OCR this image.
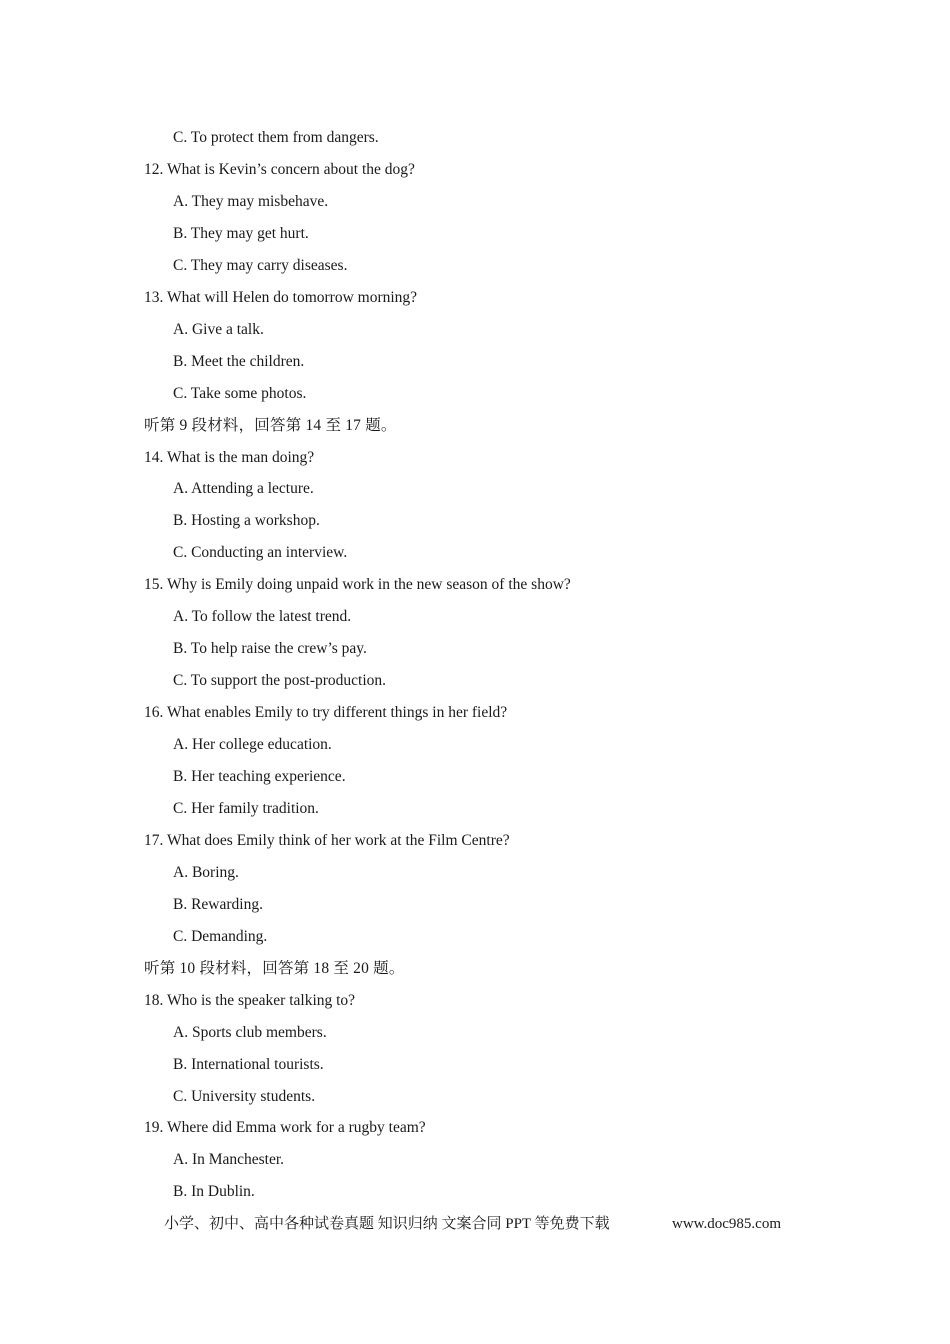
C. To protect them from dangers.
12. What is Kevin’s concern about the dog?
A. They may misbehave.
B. They may get hurt.
C. They may carry diseases.
13. What will Helen do tomorrow morning?
A. Give a talk.
B. Meet the children.
C. Take some photos.
听第 9 段材料，回答第 14 至 17 题。
14. What is the man doing?
A. Attending a lecture.
B. Hosting a workshop.
C. Conducting an interview.
15. Why is Emily doing unpaid work in the new season of the show?
A. To follow the latest trend.
B. To help raise the crew’s pay.
C. To support the post-production.
16. What enables Emily to try different things in her field?
A. Her college education.
B. Her teaching experience.
C. Her family tradition.
17. What does Emily think of her work at the Film Centre?
A. Boring.
B. Rewarding.
C. Demanding.
听第 10 段材料，回答第 18 至 20 题。
18. Who is the speaker talking to?
A. Sports club members.
B. International tourists.
C. University students.
19. Where did Emma work for a rugby team?
A. In Manchester.
B. In Dublin.
小学、初中、高中各种试卷真题 知识归纳 文案合同 PPT 等免费下载	www.doc985.com
